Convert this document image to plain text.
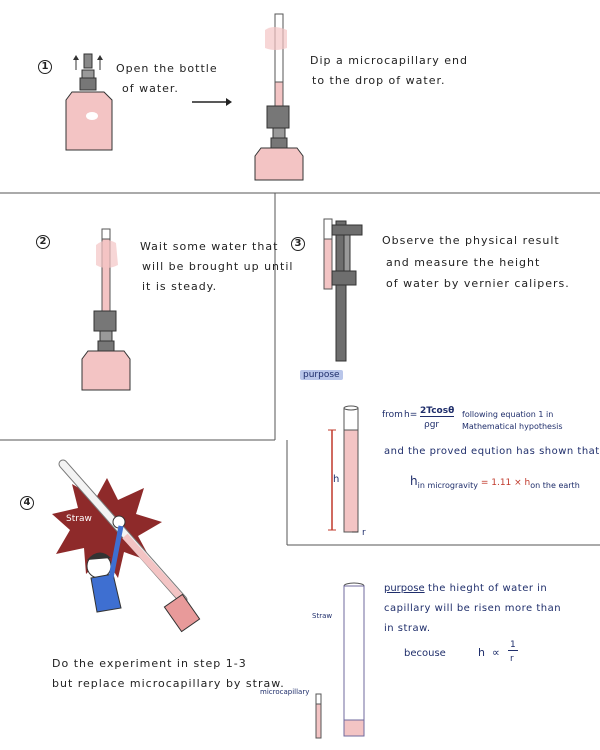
1	Open the bottle
of water.
Dip a microcapillary end
to the drop of water.
2	Wait some water that
will be brought up until
it is steady.
3	Observe the physical result
and measure the height
of water by vernier calipers.
purpose
h
r
from h= 2Tcosθ
ρgr
following equation 1 in
Mathematical hypothesis
and the proved eqution has shown that
$h_{in microgravity} = 1.11 \times h_{on the earth}$
4
Straw
Do the experiment in step 1-3
but replace microcapillary by straw.
Straw
microcapillary
purpose the hieght of water in
capillary will be risen more than
in straw.
becouse	h ∝
1
r
